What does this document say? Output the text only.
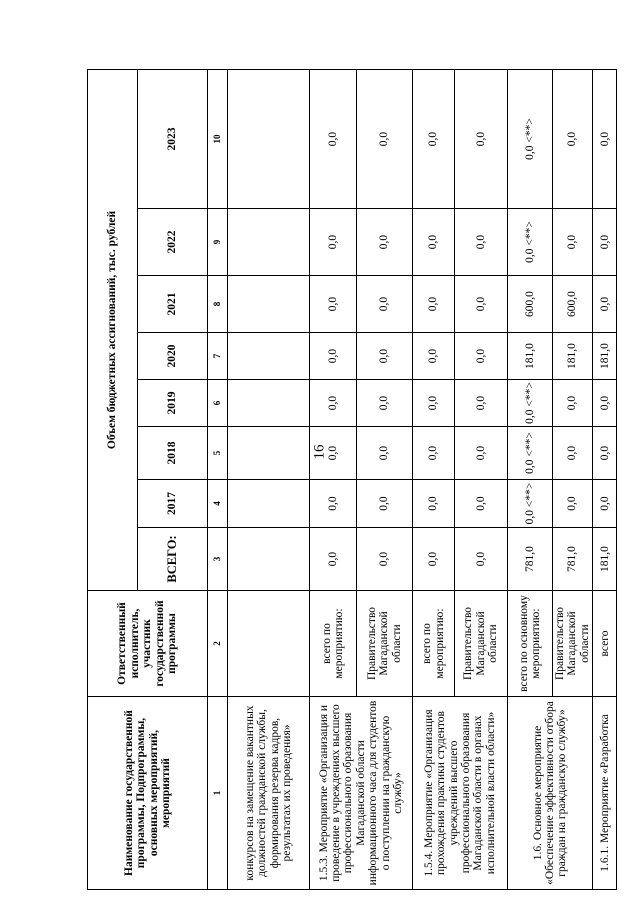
16
Наименование государственной программы, Подпрограммы, основных мероприятий, мероприятий	Ответственный исполнитель, участник государственной программы	Объем бюджетных ассигнований, тыс. рублей							
		ВСЕГО:	2017	2018	2019	2020	2021	2022	2023
1	2	3	4	5	6	7	8	9	10
конкурсов на замещение вакантных должностей гражданской службы, формирования резерва кадров, результатах их проведения»									
1.5.3. Мероприятие «Организация и проведение в учреждениях высшего профессионального образования Магаданской области информационного часа для студентов о поступлении на гражданскую службу»	всего по мероприятию:	0,0	0,0	0,0	0,0	0,0	0,0	0,0	0,0
	Правительство Магаданской области	0,0	0,0	0,0	0,0	0,0	0,0	0,0	0,0
1.5.4. Мероприятие «Организация прохождения практики студентов учреждений высшего профессионального образования Магаданской области в органах исполнительной власти области»	всего по мероприятию:	0,0	0,0	0,0	0,0	0,0	0,0	0,0	0,0
	Правительство Магаданской области	0,0	0,0	0,0	0,0	0,0	0,0	0,0	0,0
1.6. Основное мероприятие «Обеспечение эффективности отбора граждан на гражданскую службу»	всего по основному мероприятию:	781,0	0,0 <**>	0,0 <**>	0,0 <**>	181,0	600,0	0,0 <**>	0,0 <**>
	Правительство Магаданской области	781,0	0,0	0,0	0,0	181,0	600,0	0,0	0,0
1.6.1. Мероприятие «Разработка	всего	181,0	0,0	0,0	0,0	181,0	0,0	0,0	0,0
